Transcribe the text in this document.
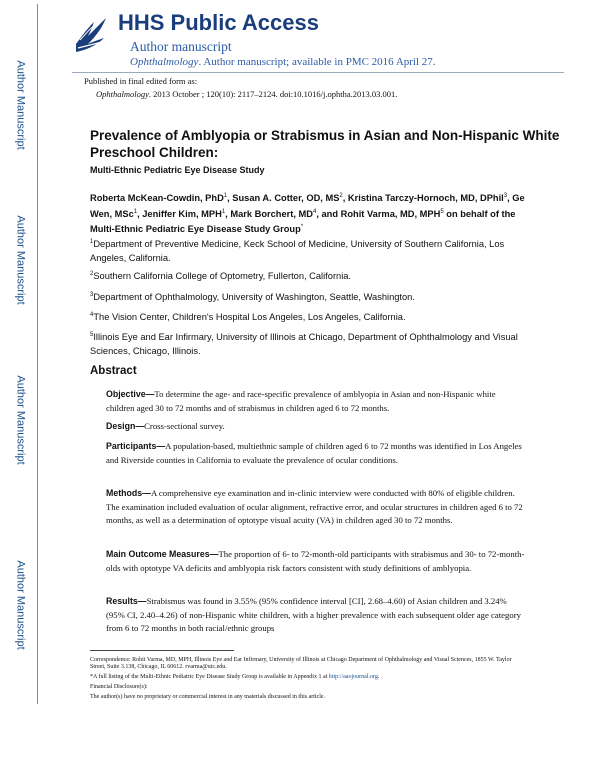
Author Manuscript
Author Manuscript
Author Manuscript
Author Manuscript
HHS Public Access
Author manuscript
Ophthalmology. Author manuscript; available in PMC 2016 April 27.
Published in final edited form as:
Ophthalmology. 2013 October ; 120(10): 2117–2124. doi:10.1016/j.ophtha.2013.03.001.
Prevalence of Amblyopia or Strabismus in Asian and Non-Hispanic White Preschool Children:
Multi-Ethnic Pediatric Eye Disease Study
Roberta McKean-Cowdin, PhD$^1$, Susan A. Cotter, OD, $MS^2$, Kristina Tarczy-Hornoch, MD, DPhil$^3$, Ge Wen, MSc$^1$, Jeniffer Kim, MPH$^1$, Mark Borchert, $MD^4$, and Rohit Varma, MD, MPH$^5$ on behalf of the Multi-Ethnic Pediatric Eye Disease Study Group*
$^1$Department of Preventive Medicine, Keck School of Medicine, University of Southern California, Los Angeles, California.
$^2$Southern California College of Optometry, Fullerton, California.
$^3$Department of Ophthalmology, University of Washington, Seattle, Washington.
$^4$The Vision Center, Children's Hospital Los Angeles, Los Angeles, California.
$^5$Illinois Eye and Ear Infirmary, University of Illinois at Chicago, Department of Ophthalmology and Visual Sciences, Chicago, Illinois.
Abstract
Objective—To determine the age- and race-specific prevalence of amblyopia in Asian and non-Hispanic white children aged 30 to 72 months and of strabismus in children aged 6 to 72 months.
Design—Cross-sectional survey.
Participants—A population-based, multiethnic sample of children aged 6 to 72 months was identified in Los Angeles and Riverside counties in California to evaluate the prevalence of ocular conditions.
Methods—A comprehensive eye examination and in-clinic interview were conducted with 80% of eligible children. The examination included evaluation of ocular alignment, refractive error, and ocular structures in children aged 6 to 72 months, as well as a determination of optotype visual acuity (VA) in children aged 30 to 72 months.
Main Outcome Measures—The proportion of 6- to 72-month-old participants with strabismus and 30- to 72-month-olds with optotype VA deficits and amblyopia risk factors consistent with study definitions of amblyopia.
Results—Strabismus was found in 3.55% (95% confidence interval [CI], 2.68–4.60) of Asian children and 3.24% (95% CI, 2.40–4.26) of non-Hispanic white children, with a higher prevalence with each subsequent older age category from 6 to 72 months in both racial/ethnic groups
Correspondence: Rohit Varma, MD, MPH, Illinois Eye and Ear Infirmary, University of Illinois at Chicago Department of Ophthalmology and Visual Sciences, 1855 W. Taylor Street, Suite 3.138, Chicago, IL 60612. rvarma@uic.edu.
*A full listing of the Multi-Ethnic Pediatric Eye Disease Study Group is available in Appendix 1 at http://aaojournal.org.
Financial Disclosure(s):
The author(s) have no proprietary or commercial interest in any materials discussed in this article.
